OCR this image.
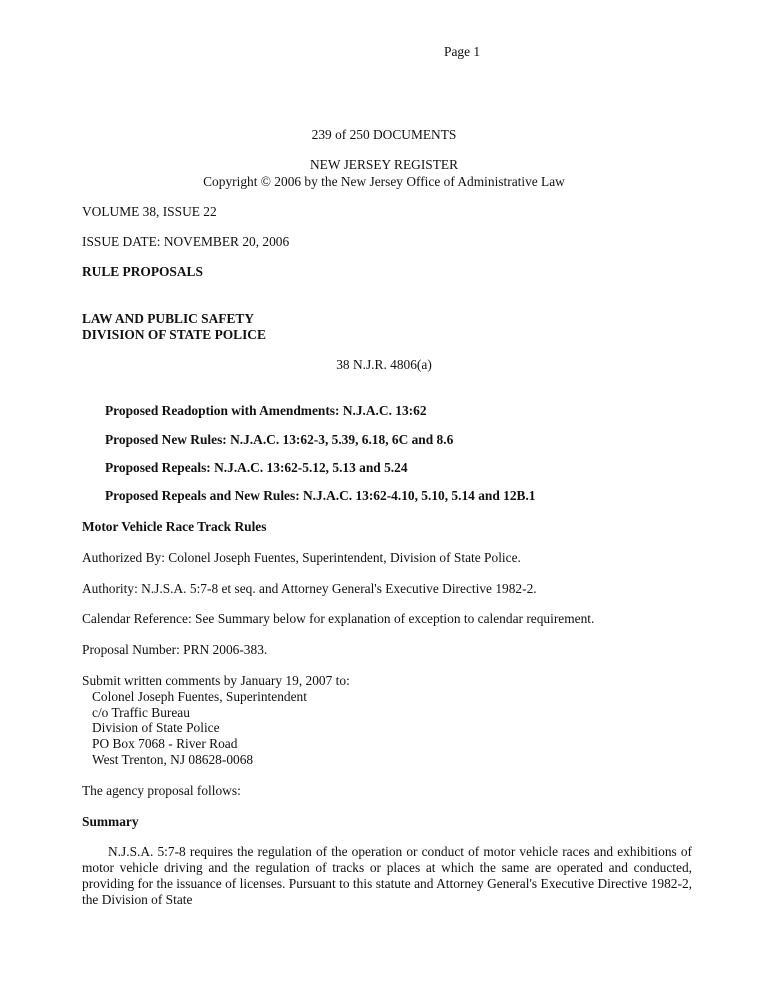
Page 1
239 of 250 DOCUMENTS
NEW JERSEY REGISTER
Copyright © 2006 by the New Jersey Office of Administrative Law
VOLUME 38, ISSUE 22
ISSUE DATE: NOVEMBER 20, 2006
RULE PROPOSALS
LAW AND PUBLIC SAFETY
DIVISION OF STATE POLICE
38 N.J.R. 4806(a)
Proposed Readoption with Amendments: N.J.A.C. 13:62
Proposed New Rules: N.J.A.C. 13:62-3, 5.39, 6.18, 6C and 8.6
Proposed Repeals: N.J.A.C. 13:62-5.12, 5.13 and 5.24
Proposed Repeals and New Rules: N.J.A.C. 13:62-4.10, 5.10, 5.14 and 12B.1
Motor Vehicle Race Track Rules
Authorized By: Colonel Joseph Fuentes, Superintendent, Division of State Police.
Authority: N.J.S.A. 5:7-8 et seq. and Attorney General's Executive Directive 1982-2.
Calendar Reference: See Summary below for explanation of exception to calendar requirement.
Proposal Number: PRN 2006-383.
Submit written comments by January 19, 2007 to:
Colonel Joseph Fuentes, Superintendent
c/o Traffic Bureau
Division of State Police
PO Box 7068 - River Road
West Trenton, NJ 08628-0068
The agency proposal follows:
Summary
N.J.S.A. 5:7-8 requires the regulation of the operation or conduct of motor vehicle races and exhibitions of motor vehicle driving and the regulation of tracks or places at which the same are operated and conducted, providing for the issuance of licenses. Pursuant to this statute and Attorney General's Executive Directive 1982-2, the Division of State
